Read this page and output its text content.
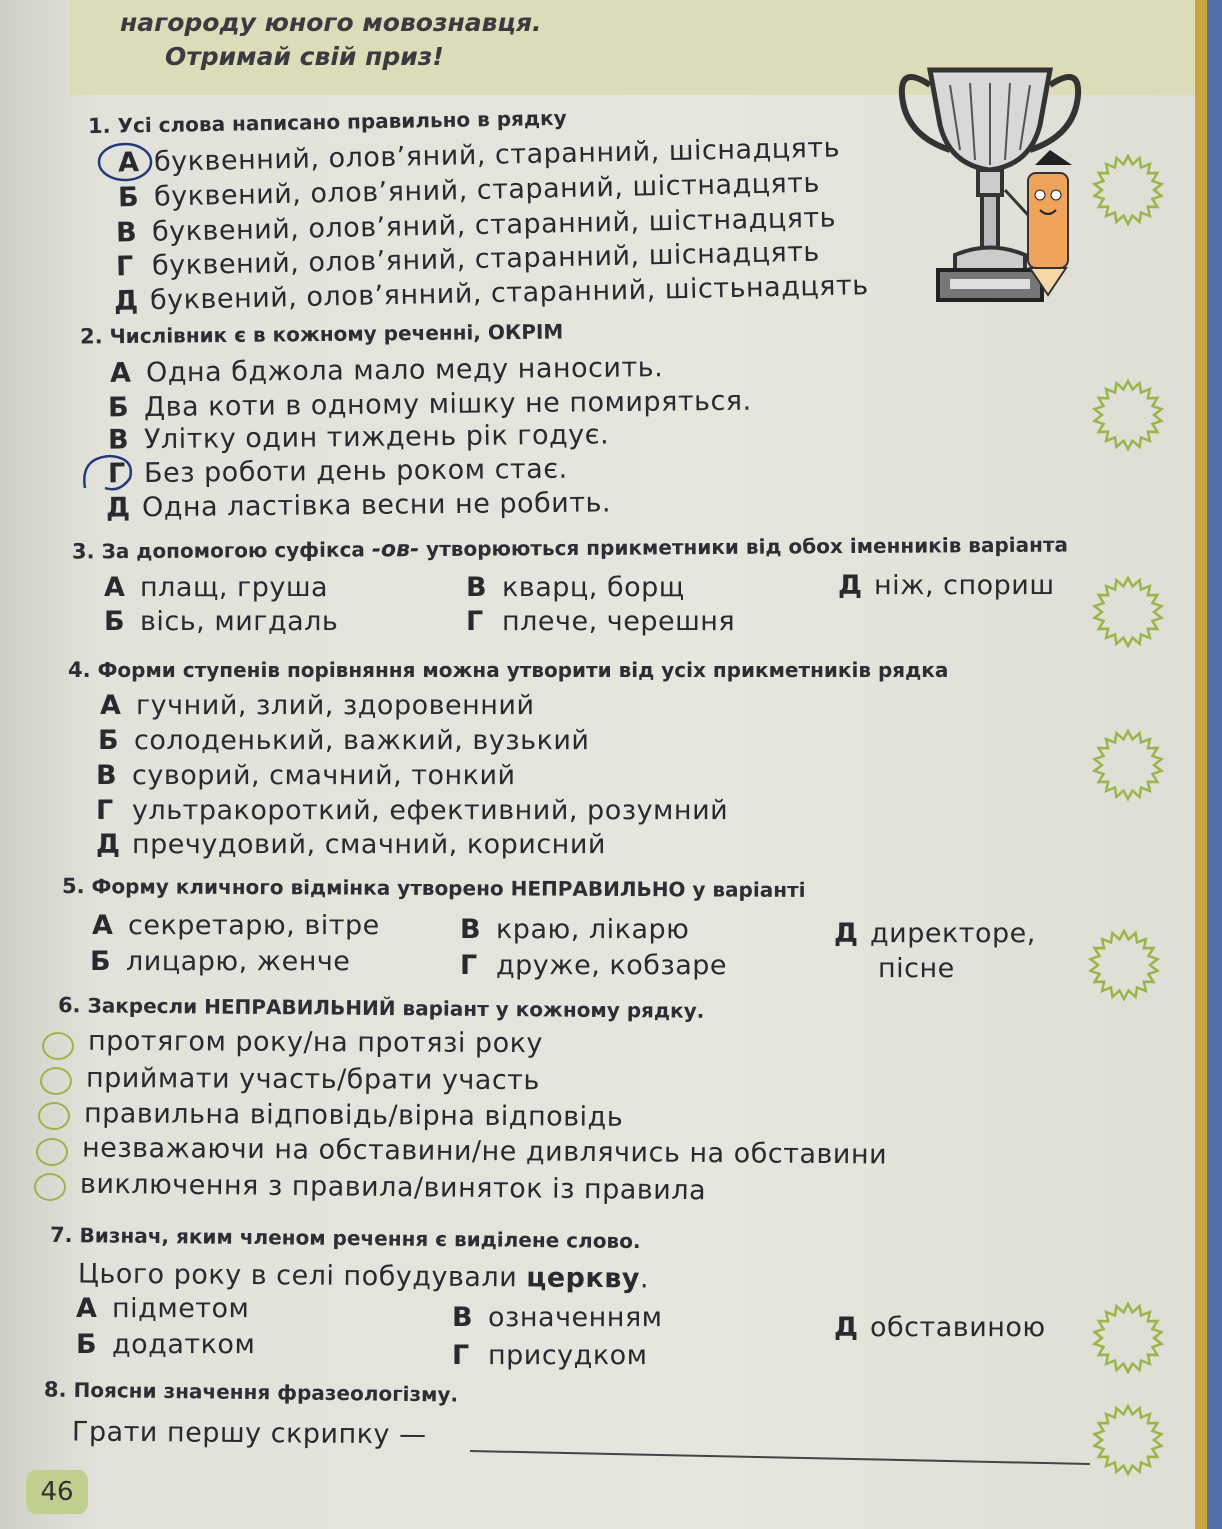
нагороду юного мовознавця.
Отримай свій приз!
1. Усі слова написано правильно в рядку
А буквенний, олов’яний, старанний, шіснадцять
Б буквений, олов’яний, стараний, шістнадцять
В буквений, олов’яний, старанний, шістнадцять
Г буквений, олов’яний, старанний, шіснадцять
Д буквений, олов’янний, старанний, шістьнадцять
2. Числівник є в кожному реченні, ОКРІМ
А Одна бджола мало меду наносить.
Б Два коти в одному мішку не помиряться.
В Улітку один тиждень рік годує.
Г Без роботи день роком стає.
Д Одна ластівка весни не робить.
3. За допомогою суфікса -ов- утворюються прикметники від обох іменників варіанта
А плащ, груша
Б вісь, мигдаль
В кварц, борщ
Г плече, черешня
Д ніж, спориш
4. Форми ступенів порівняння можна утворити від усіх прикметників рядка
А гучний, злий, здоровенний
Б солоденький, важкий, вузький
В суворий, смачний, тонкий
Г ультракороткий, ефективний, розумний
Д пречудовий, смачний, корисний
5. Форму кличного відмінка утворено НЕПРАВИЛЬНО у варіанті
А секретарю, вітре
Б лицарю, женче
В краю, лікарю
Г друже, кобзаре
Д директоре,
пісне
6. Закресли НЕПРАВИЛЬНИЙ варіант у кожному рядку.
протягом року/на протязі року
приймати участь/брати участь
правильна відповідь/вірна відповідь
незважаючи на обставини/не дивлячись на обставини
виключення з правила/виняток із правила
7. Визнач, яким членом речення є виділене слово.
Цього року в селі побудували церкву.
А підметом
Б додатком
В означенням
Г присудком
Д обставиною
8. Поясни значення фразеологізму.
Грати першу скрипку —
46
